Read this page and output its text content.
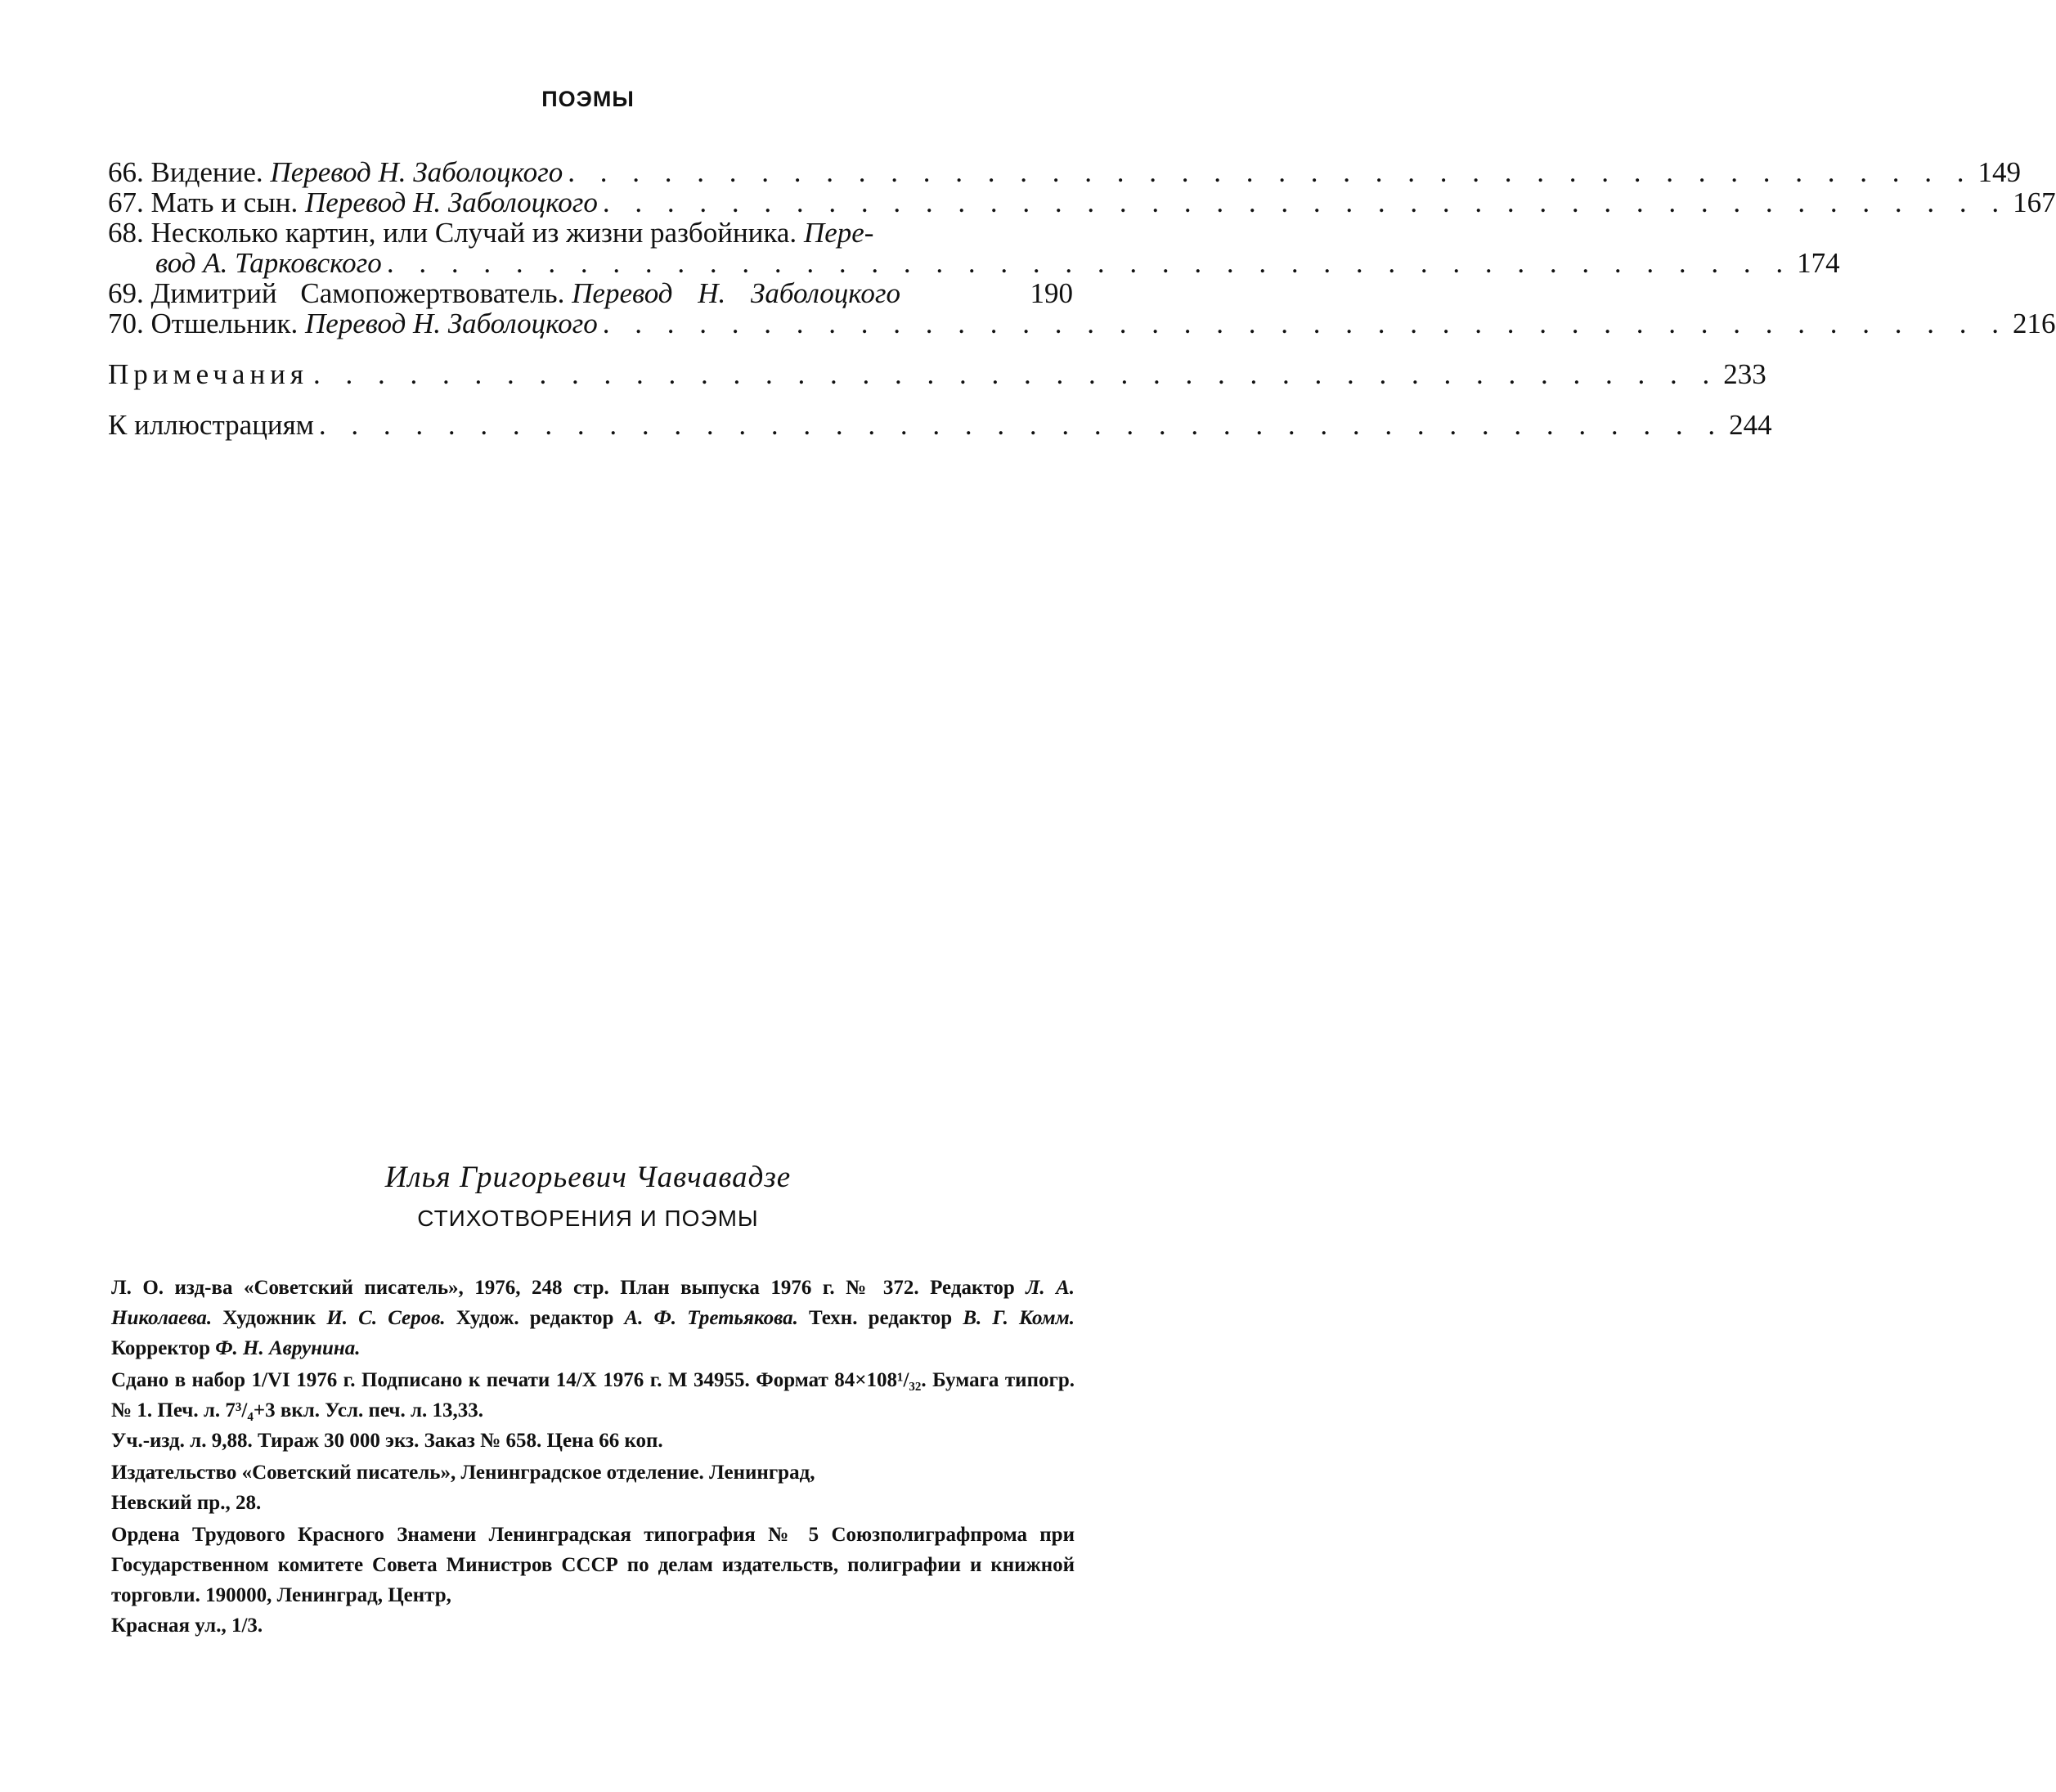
ПОЭМЫ
66. Видение. Перевод Н. Заболоцкого . . . . . . . . . . . . . . . . . . . . . . . . . . . . . . . . . . . . . . . . . . . . 149
67. Мать и сын. Перевод Н. Заболоцкого . . . . . . . . . . . . . . . . . . . . . . . . . . . . . . . . . . . . . . . . . . . . 167
68. Несколько картин, или Случай из жизни разбойника. Пере-
вод А. Тарковского . . . . . . . . . . . . . . . . . . . . . . . . . . . . . . . . . . . . . . . . . . . . 174
69. Димитрий Самопожертвователь. Перевод Н. Заболоцкого	190
70. Отшельник. Перевод Н. Заболоцкого . . . . . . . . . . . . . . . . . . . . . . . . . . . . . . . . . . . . . . . . . . . . 216
Примечания . . . . . . . . . . . . . . . . . . . . . . . . . . . . . . . . . . . . . . . . . . . . 233
К иллюстрациям . . . . . . . . . . . . . . . . . . . . . . . . . . . . . . . . . . . . . . . . . . . . 244
Илья Григорьевич Чавчавадзе
СТИХОТВОРЕНИЯ И ПОЭМЫ
Л. О. изд-ва «Советский писатель», 1976, 248 стр. План выпуска 1976 г. № 372. Редактор Л. А. Николаева. Художник И. С. Серов. Худож. редактор А. Ф. Третьякова. Техн. редактор В. Г. Комм. Корректор Ф. Н. Аврунина.
Сдано в набор 1/VI 1976 г. Подписано к печати 14/X 1976 г. М 34955. Формат 84×108¹/₃₂. Бумага типогр. № 1. Печ. л. 7³/₄+3 вкл. Усл. печ. л. 13,33.
Уч.-изд. л. 9,88. Тираж 30 000 экз. Заказ № 658. Цена 66 коп.
Издательство «Советский писатель», Ленинградское отделение. Ленинград,
Невский пр., 28.
Ордена Трудового Красного Знамени Ленинградская типография № 5 Союзполиграфпрома при Государственном комитете Совета Министров СССР по делам издательств, полиграфии и книжной торговли. 190000, Ленинград, Центр,
Красная ул., 1/3.
